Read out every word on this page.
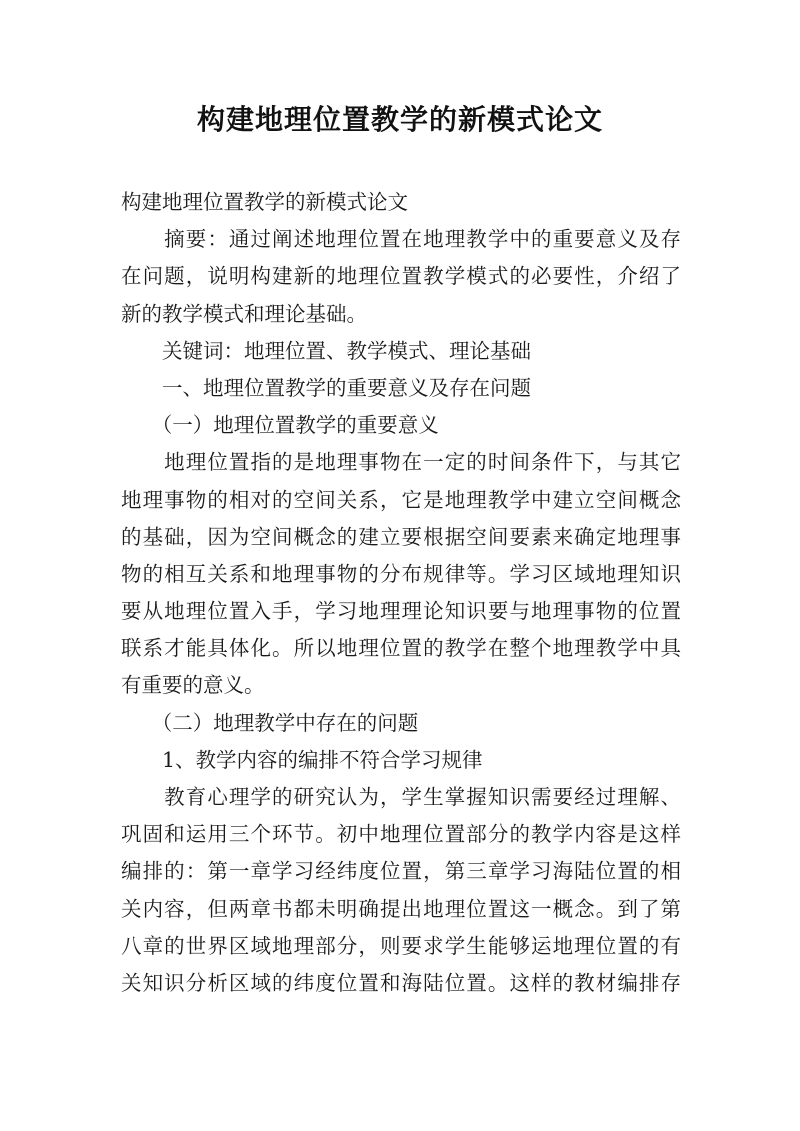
构建地理位置教学的新模式论文
构建地理位置教学的新模式论文
　　摘要：通过阐述地理位置在地理教学中的重要意义及存
在问题，说明构建新的地理位置教学模式的必要性，介绍了
新的教学模式和理论基础。
　　关键词：地理位置、教学模式、理论基础
　　一、地理位置教学的重要意义及存在问题
　　（一）地理位置教学的重要意义
　　地理位置指的是地理事物在一定的时间条件下，与其它
地理事物的相对的空间关系，它是地理教学中建立空间概念
的基础，因为空间概念的建立要根据空间要素来确定地理事
物的相互关系和地理事物的分布规律等。学习区域地理知识
要从地理位置入手，学习地理理论知识要与地理事物的位置
联系才能具体化。所以地理位置的教学在整个地理教学中具
有重要的意义。
　　（二）地理教学中存在的问题
　　1、教学内容的编排不符合学习规律
　　教育心理学的研究认为，学生掌握知识需要经过理解、
巩固和运用三个环节。初中地理位置部分的教学内容是这样
编排的：第一章学习经纬度位置，第三章学习海陆位置的相
关内容，但两章书都未明确提出地理位置这一概念。到了第
八章的世界区域地理部分，则要求学生能够运地理位置的有
关知识分析区域的纬度位置和海陆位置。这样的教材编排存
